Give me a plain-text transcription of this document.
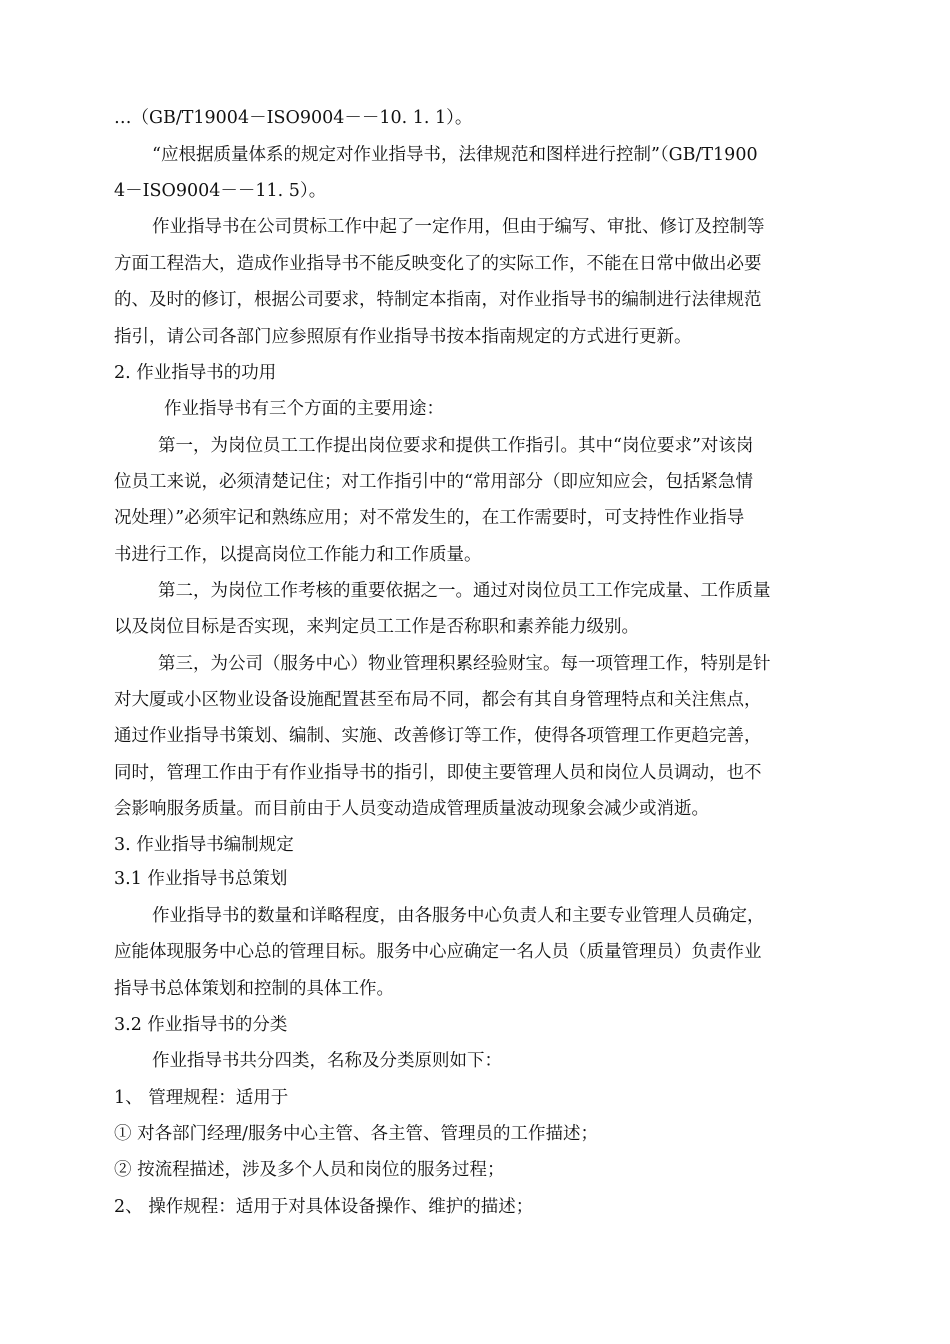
…（GB/T19004－ISO9004－－10. 1. 1）。
“应根据质量体系的规定对作业指导书，法律规范和图样进行控制”（GB/T1900
4－ISO9004－－11. 5）。
作业指导书在公司贯标工作中起了一定作用，但由于编写、审批、修订及控制等
方面工程浩大，造成作业指导书不能反映变化了的实际工作，不能在日常中做出必要
的、及时的修订，根据公司要求，特制定本指南，对作业指导书的编制进行法律规范
指引，请公司各部门应参照原有作业指导书按本指南规定的方式进行更新。
2. 作业指导书的功用
作业指导书有三个方面的主要用途：
第一，为岗位员工工作提出岗位要求和提供工作指引。其中“岗位要求”对该岗
位员工来说，必须清楚记住；对工作指引中的“常用部分（即应知应会，包括紧急情
况处理）”必须牢记和熟练应用；对不常发生的，在工作需要时，可支持性作业指导
书进行工作，以提高岗位工作能力和工作质量。
第二，为岗位工作考核的重要依据之一。通过对岗位员工工作完成量、工作质量
以及岗位目标是否实现，来判定员工工作是否称职和素养能力级别。
第三，为公司（服务中心）物业管理积累经验财宝。每一项管理工作，特别是针
对大厦或小区物业设备设施配置甚至布局不同，都会有其自身管理特点和关注焦点，
通过作业指导书策划、编制、实施、改善修订等工作，使得各项管理工作更趋完善，
同时，管理工作由于有作业指导书的指引，即使主要管理人员和岗位人员调动，也不
会影响服务质量。而目前由于人员变动造成管理质量波动现象会减少或消逝。
3. 作业指导书编制规定
3.1 作业指导书总策划
作业指导书的数量和详略程度，由各服务中心负责人和主要专业管理人员确定，
应能体现服务中心总的管理目标。服务中心应确定一名人员（质量管理员）负责作业
指导书总体策划和控制的具体工作。
3.2 作业指导书的分类
作业指导书共分四类，名称及分类原则如下：
1、 管理规程：适用于
① 对各部门经理/服务中心主管、各主管、管理员的工作描述；
② 按流程描述，涉及多个人员和岗位的服务过程；
2、 操作规程：适用于对具体设备操作、维护的描述；
